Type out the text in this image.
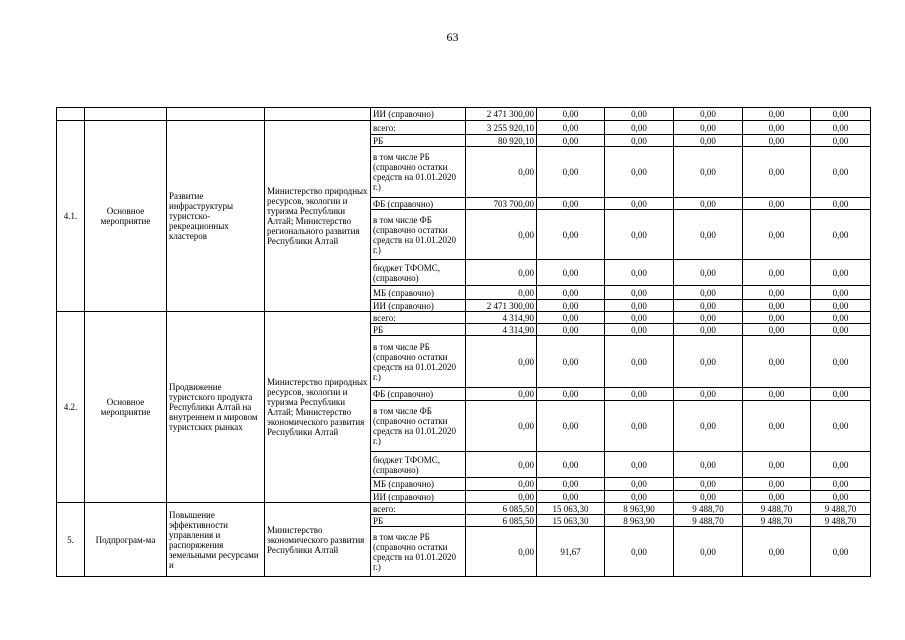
63
				ИИ (справочно)	2 471 300,00	0,00	0,00	0,00	0,00	0,00
4.1.	Основное мероприятие	Развитие инфраструктуры туристско-рекреационных кластеров	Министерство природных ресурсов, экологии и туризма Республики Алтай; Министерство регионального развития Республики Алтай	всего:	3 255 920,10	0,00	0,00	0,00	0,00	0,00
				РБ	80 920,10	0,00	0,00	0,00	0,00	0,00
				в том числе РБ (справочно остатки средств на 01.01.2020 г.)	0,00	0,00	0,00	0,00	0,00	0,00
				ФБ (справочно)	703 700,00	0,00	0,00	0,00	0,00	0,00
				в том числе ФБ (справочно остатки средств на 01.01.2020 г.)	0,00	0,00	0,00	0,00	0,00	0,00
				бюджет ТФОМС, (справочно)	0,00	0,00	0,00	0,00	0,00	0,00
				МБ (справочно)	0,00	0,00	0,00	0,00	0,00	0,00
				ИИ (справочно)	2 471 300,00	0,00	0,00	0,00	0,00	0,00
4.2.	Основное мероприятие	Продвижение туристского продукта Республики Алтай на внутреннем и мировом туристских рынках	Министерство природных ресурсов, экологии и туризма Республики Алтай; Министерство экономического развития Республики Алтай	всего:	4 314,90	0,00	0,00	0,00	0,00	0,00
				РБ	4 314,90	0,00	0,00	0,00	0,00	0,00
				в том числе РБ (справочно остатки средств на 01.01.2020 г.)	0,00	0,00	0,00	0,00	0,00	0,00
				ФБ (справочно)	0,00	0,00	0,00	0,00	0,00	0,00
				в том числе ФБ (справочно остатки средств на 01.01.2020 г.)	0,00	0,00	0,00	0,00	0,00	0,00
				бюджет ТФОМС, (справочно)	0,00	0,00	0,00	0,00	0,00	0,00
				МБ (справочно)	0,00	0,00	0,00	0,00	0,00	0,00
				ИИ (справочно)	0,00	0,00	0,00	0,00	0,00	0,00
5.	Подпрограм-ма	Повышение эффективности управления и распоряжения земельными ресурсами и	Министерство экономического развития Республики Алтай	всего:	6 085,50	15 063,30	8 963,90	9 488,70	9 488,70	9 488,70
				РБ	6 085,50	15 063,30	8 963,90	9 488,70	9 488,70	9 488,70
				в том числе РБ (справочно остатки средств на 01.01.2020 г.)	0,00	91,67	0,00	0,00	0,00	0,00
